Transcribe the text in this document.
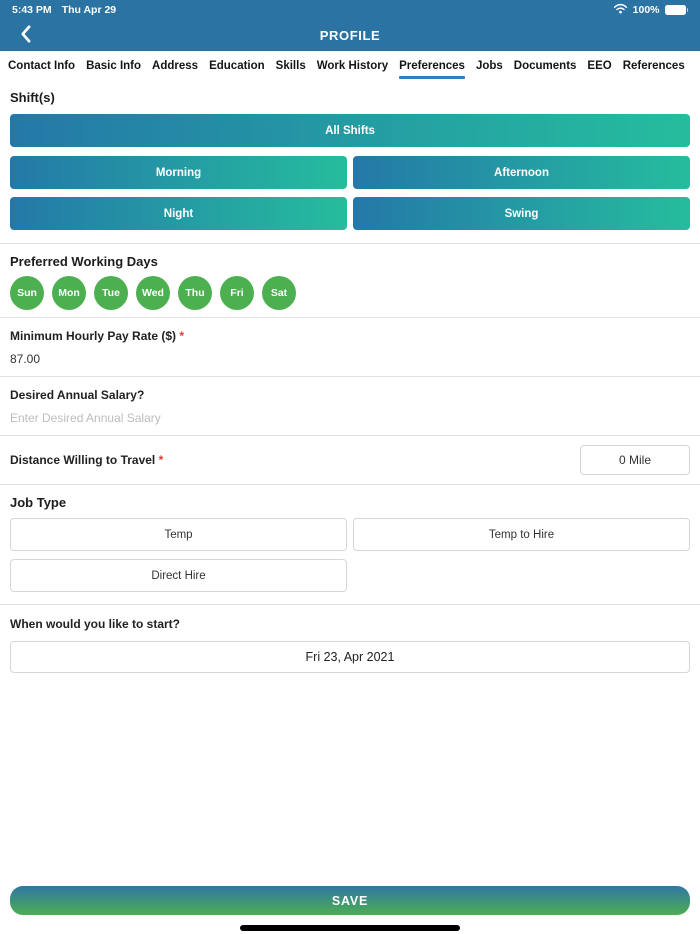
5:43 PM Thu Apr 29	100%
PROFILE
Contact Info Basic Info Address Education Skills Work History Preferences Jobs Documents EEO References
Shift(s)
All Shifts
Morning	Afternoon
Night	Swing
Preferred Working Days
Sun	Mon	Tue	Wed	Thu	Fri	Sat
Minimum Hourly Pay Rate ($) *
87.00
Desired Annual Salary?
Enter Desired Annual Salary
Distance Willing to Travel *	0 Mile
Job Type
Temp	Temp to Hire
Direct Hire
When would you like to start?
Fri 23, Apr 2021
SAVE
